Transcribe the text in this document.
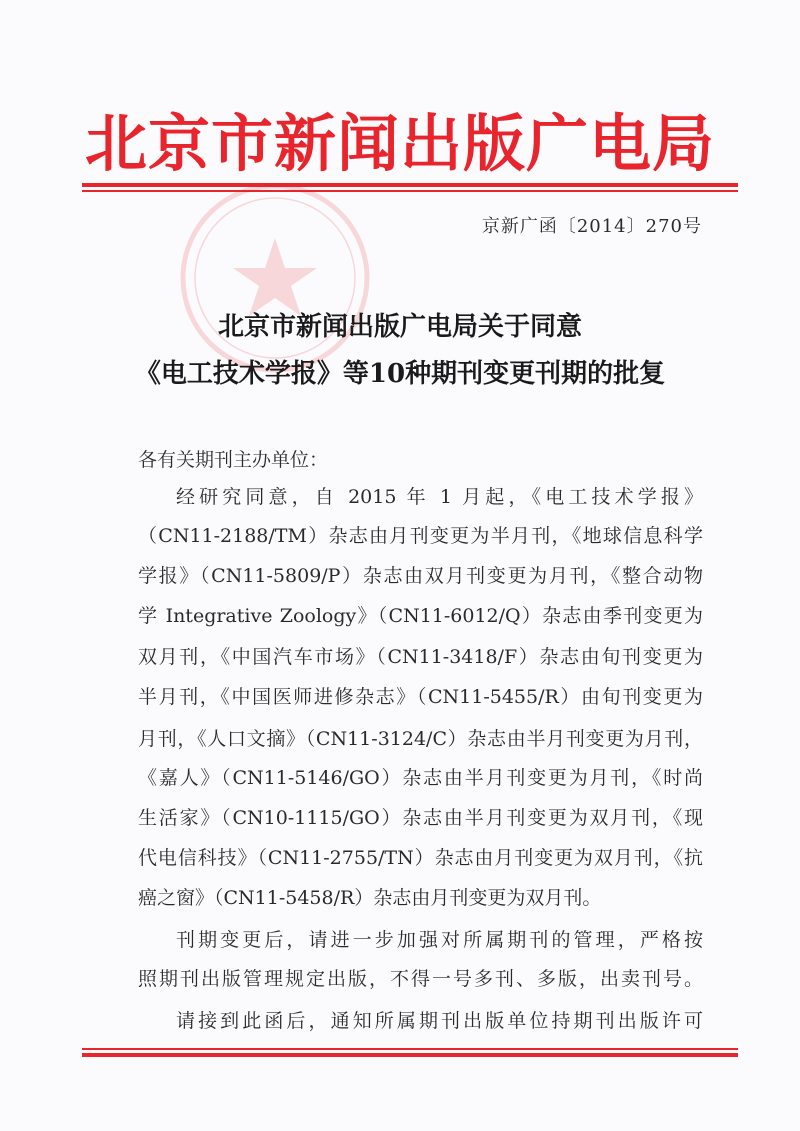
北京市新闻出版广电局
京新广函〔2014〕270号
北京市新闻出版广电局关于同意
《电工技术学报》等10种期刊变更刊期的批复
各有关期刊主办单位：
经研究同意，自 2015 年 1 月起，《电工技术学报》
（CN11-2188/TM）杂志由月刊变更为半月刊，《地球信息科学
学报》（CN11-5809/P）杂志由双月刊变更为月刊，《整合动物
学 Integrative Zoology》（CN11-6012/Q）杂志由季刊变更为
双月刊，《中国汽车市场》（CN11-3418/F）杂志由旬刊变更为
半月刊，《中国医师进修杂志》（CN11-5455/R）由旬刊变更为
月刊，《人口文摘》（CN11-3124/C）杂志由半月刊变更为月刊，
《嘉人》（CN11-5146/GO）杂志由半月刊变更为月刊，《时尚
生活家》（CN10-1115/GO）杂志由半月刊变更为双月刊，《现
代电信科技》（CN11-2755/TN）杂志由月刊变更为双月刊，《抗
癌之窗》（CN11-5458/R）杂志由月刊变更为双月刊。
刊期变更后，请进一步加强对所属期刊的管理，严格按
照期刊出版管理规定出版，不得一号多刊、多版，出卖刊号。
请接到此函后，通知所属期刊出版单位持期刊出版许可
